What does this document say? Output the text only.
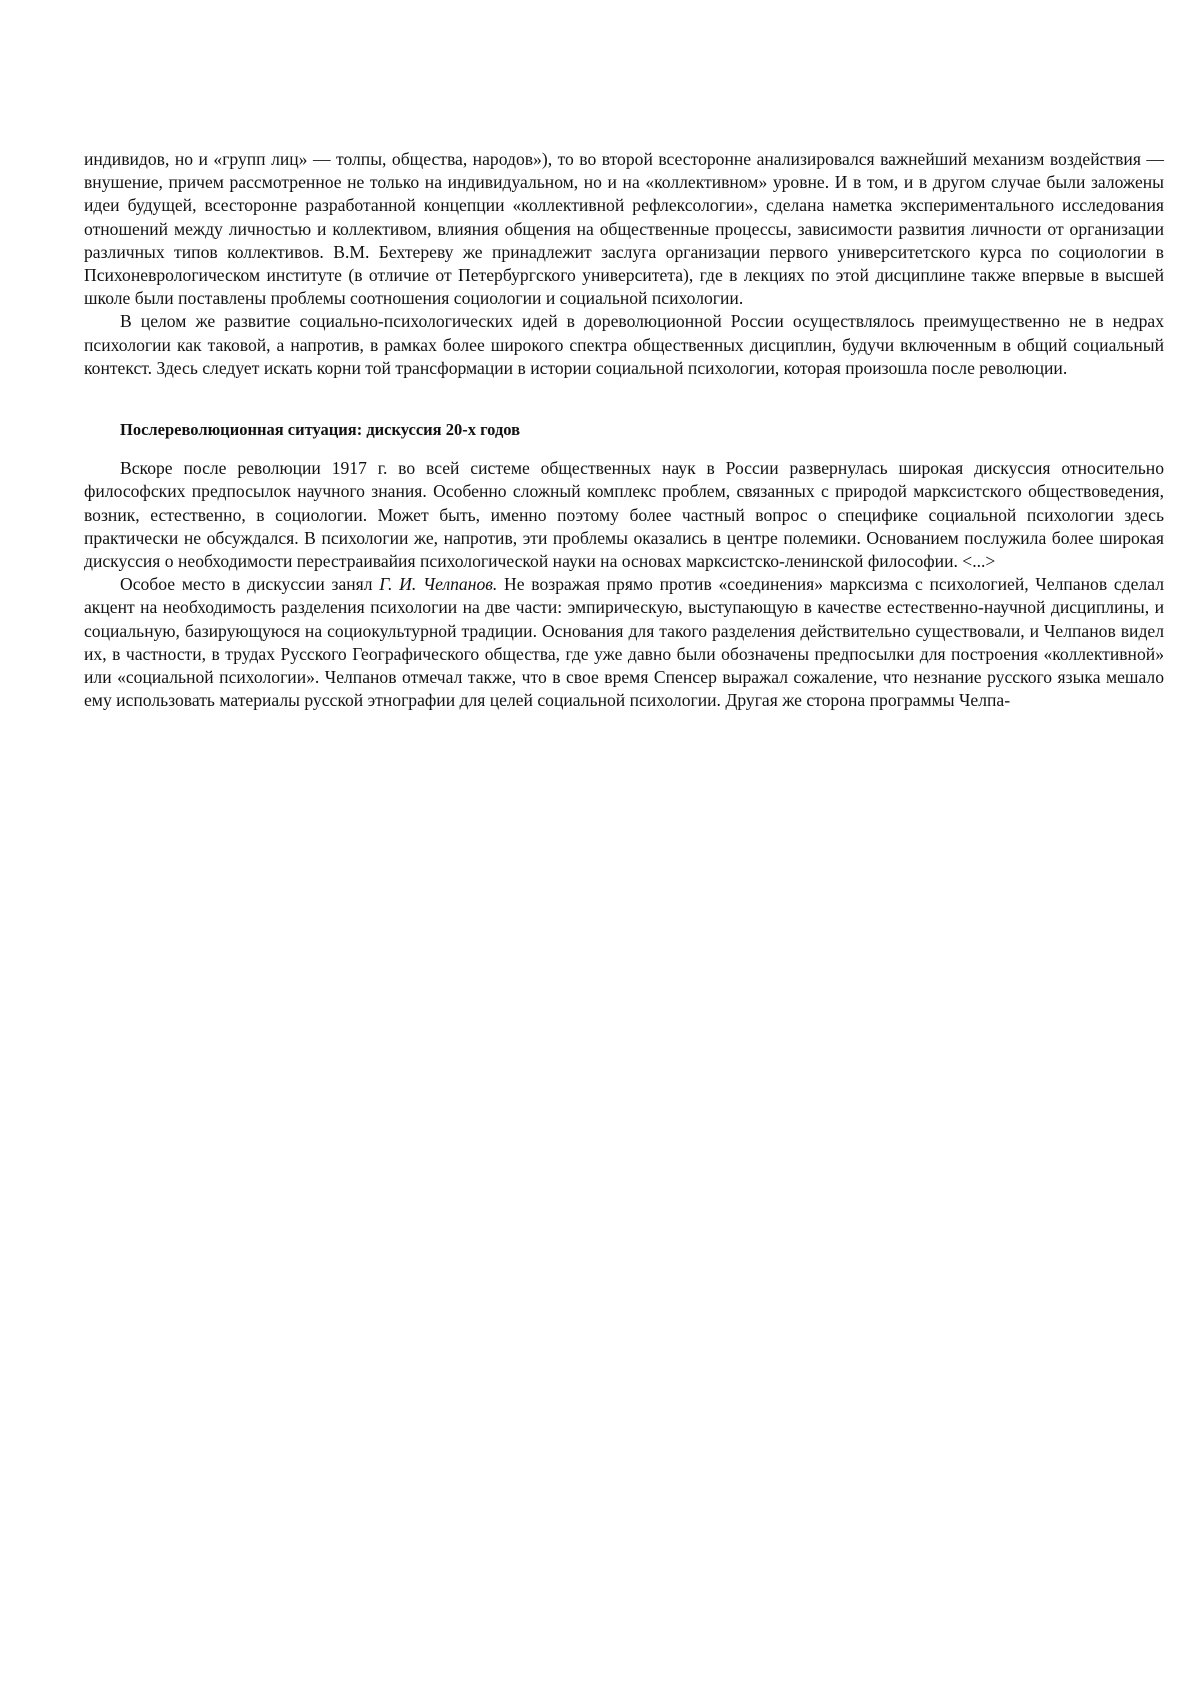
индивидов, но и «групп лиц» — толпы, общества, народов»), то во второй всесторонне анализировался важнейший механизм воздействия — внушение, причем рассмотренное не только на индивидуальном, но и на «коллективном» уровне. И в том, и в другом случае были заложены идеи будущей, всесторонне разработанной концепции «коллективной рефлексологии», сделана наметка экспериментального исследования отношений между личностью и коллективом, влияния общения на общественные процессы, зависимости развития личности от организации различных типов коллективов. В.М. Бехтереву же принадлежит заслуга организации первого университетского курса по социологии в Психоневрологическом институте (в отличие от Петербургского университета), где в лекциях по этой дисциплине также впервые в высшей школе были поставлены проблемы соотношения социологии и социальной психологии.

В целом же развитие социально-психологических идей в дореволюционной России осуществлялось преимущественно не в недрах психологии как таковой, а напротив, в рамках более широкого спектра общественных дисциплин, будучи включенным в общий социальный контекст. Здесь следует искать корни той трансформации в истории социальной психологии, которая произошла после революции.

Послереволюционная ситуация: дискуссия 20-х годов

Вскоре после революции 1917 г. во всей системе общественных наук в России развернулась широкая дискуссия относительно философских предпосылок научного знания. Особенно сложный комплекс проблем, связанных с природой марксистского обществоведения, возник, естественно, в социологии. Может быть, именно поэтому более частный вопрос о специфике социальной психологии здесь практически не обсуждался. В психологии же, напротив, эти проблемы оказались в центре полемики. Основанием послужила более широкая дискуссия о необходимости перестраивайия психологической науки на основах марксистско-ленинской философии. <...>

Особое место в дискуссии занял Г. И. Челпанов. Не возражая прямо против «соединения» марксизма с психологией, Челпанов сделал акцент на необходимость разделения психологии на две части: эмпирическую, выступающую в качестве естественно-научной дисциплины, и социальную, базирующуюся на социокультурной традиции. Основания для такого разделения действительно существовали, и Челпанов видел их, в частности, в трудах Русского Географического общества, где уже давно были обозначены предпосылки для построения «коллективной» или «социальной психологии». Челпанов отмечал также, что в свое время Спенсер выражал сожаление, что незнание русского языка мешало ему использовать материалы русской этнографии для целей социальной психологии. Другая же сторона программы Челпа-
